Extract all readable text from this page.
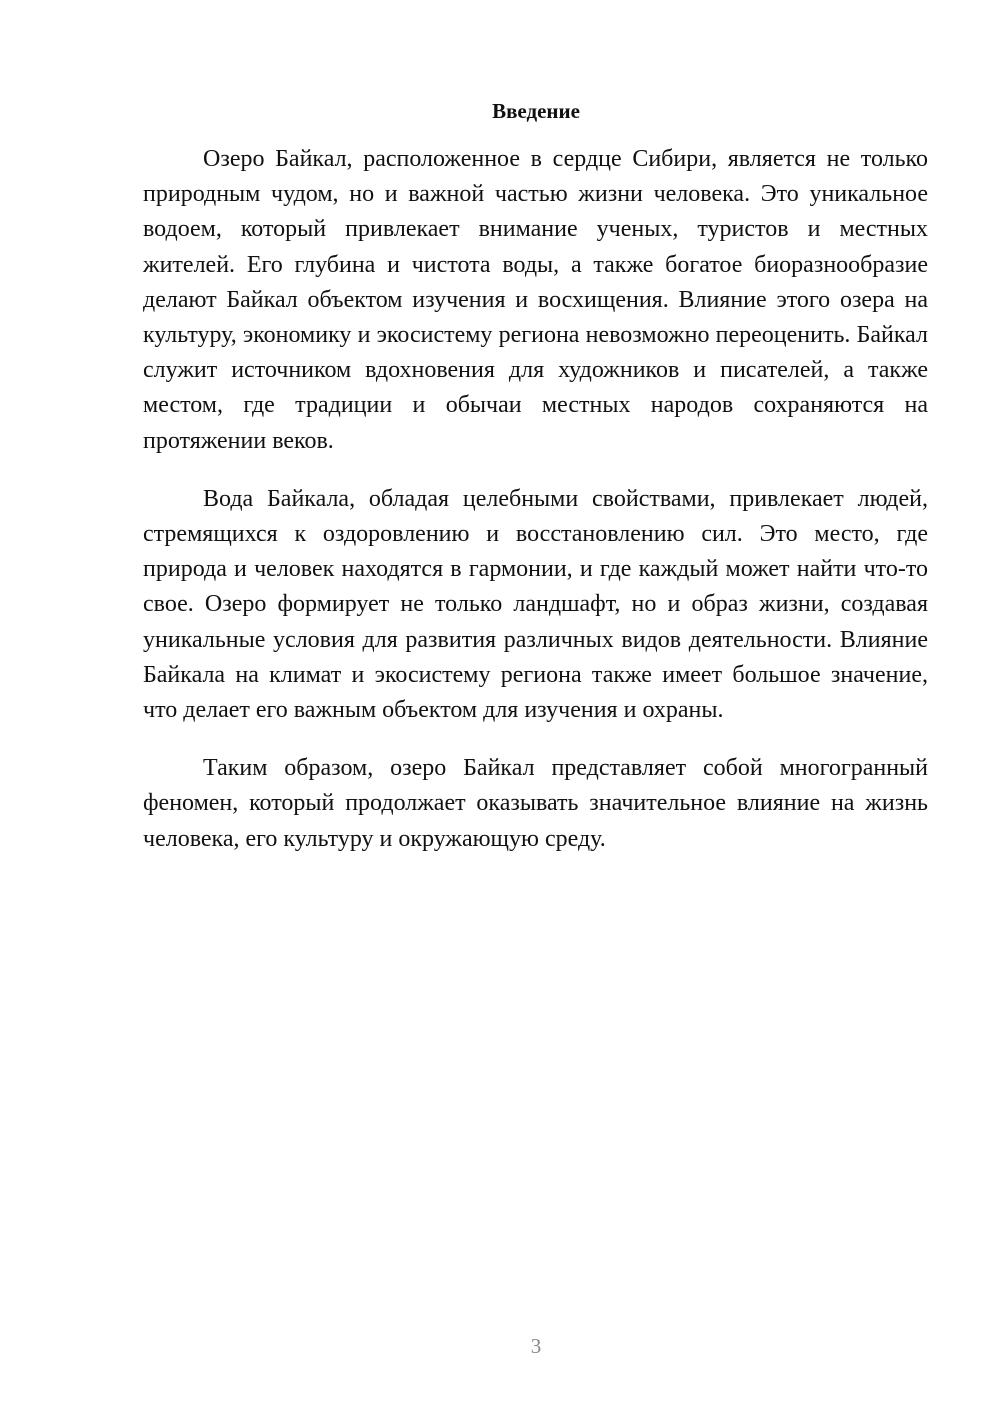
Введение

Озеро Байкал, расположенное в сердце Сибири, является не только природным чудом, но и важной частью жизни человека. Это уникальное водоем, который привлекает внимание ученых, туристов и местных жителей. Его глубина и чистота воды, а также богатое биоразнообразие делают Байкал объектом изучения и восхищения. Влияние этого озера на культуру, экономику и экосистему региона невозможно переоценить. Байкал служит источником вдохновения для художников и писателей, а также местом, где традиции и обычаи местных народов сохраняются на протяжении веков.

Вода Байкала, обладая целебными свойствами, привлекает людей, стремящихся к оздоровлению и восстановлению сил. Это место, где природа и человек находятся в гармонии, и где каждый может найти что-то свое. Озеро формирует не только ландшафт, но и образ жизни, создавая уникальные условия для развития различных видов деятельности. Влияние Байкала на климат и экосистему региона также имеет большое значение, что делает его важным объектом для изучения и охраны.

Таким образом, озеро Байкал представляет собой многогранный феномен, который продолжает оказывать значительное влияние на жизнь человека, его культуру и окружающую среду.

3
